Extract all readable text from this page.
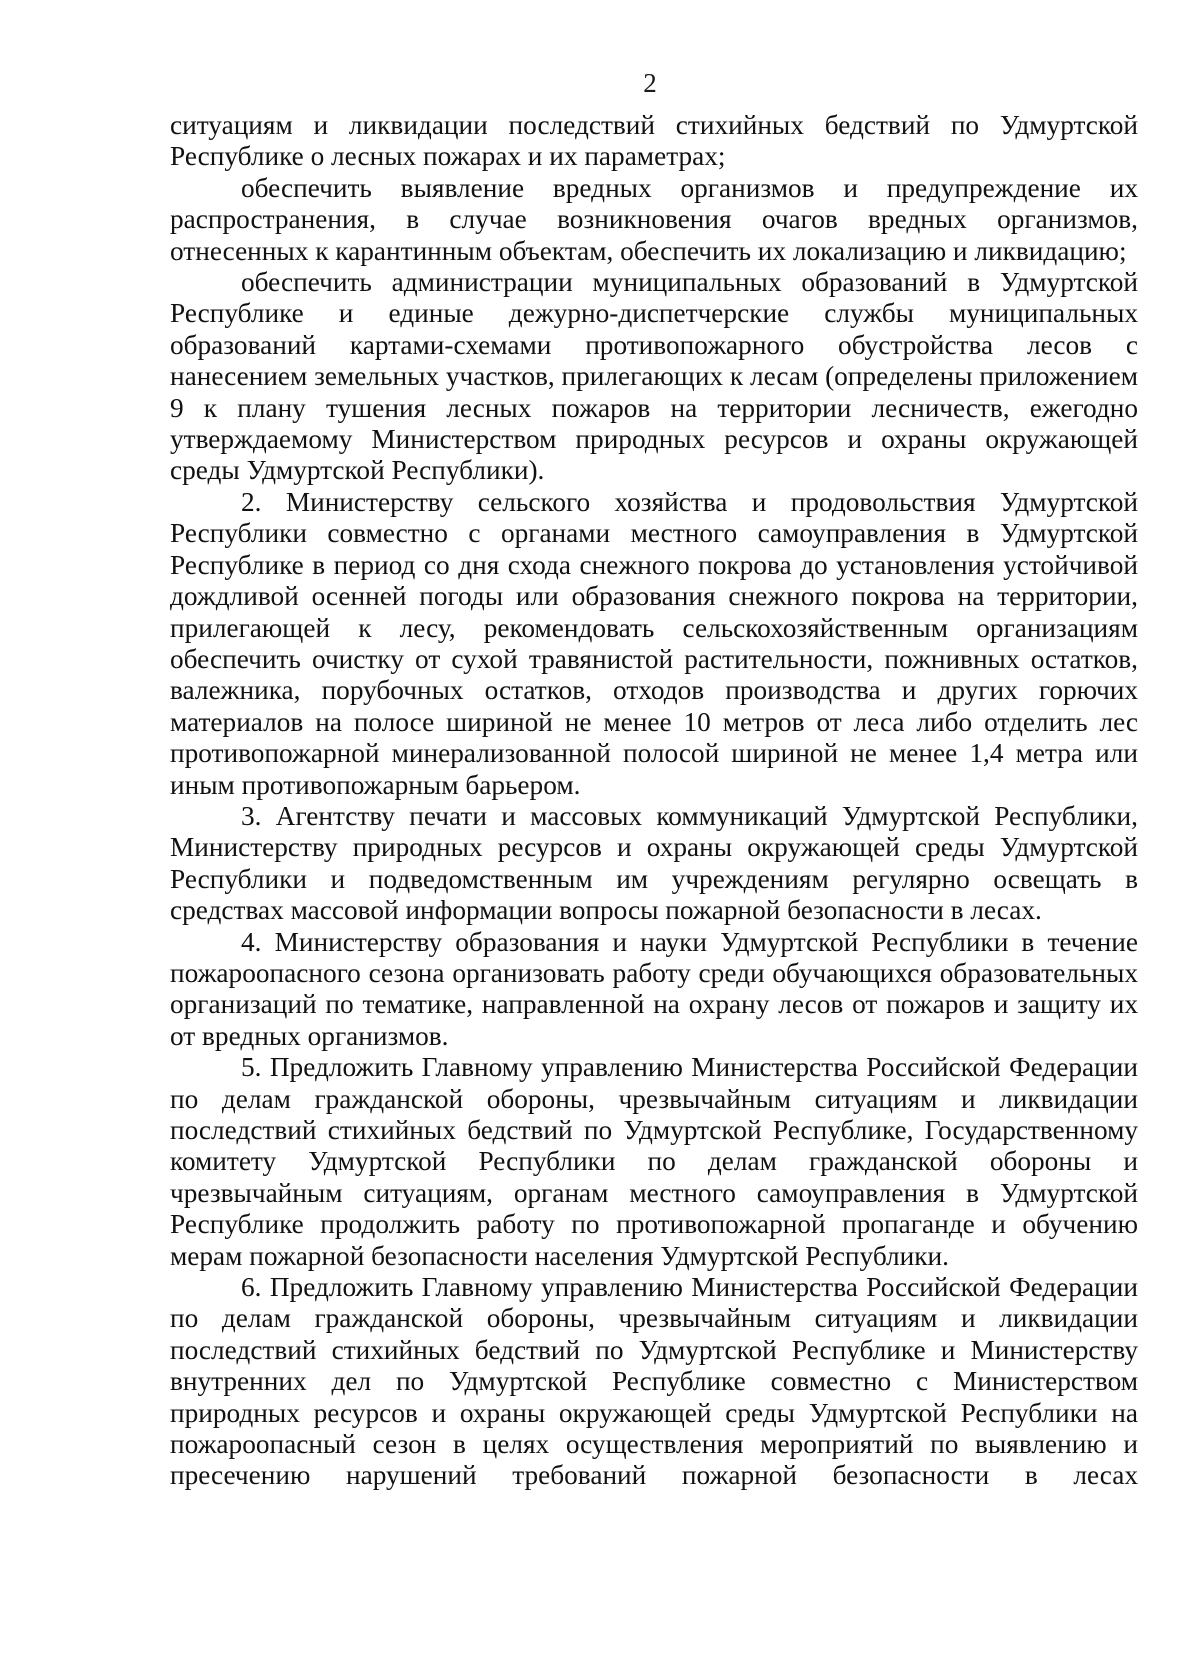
2

ситуациям и ликвидации последствий стихийных бедствий по Удмуртской Республике о лесных пожарах и их параметрах;

обеспечить выявление вредных организмов и предупреждение их распространения, в случае возникновения очагов вредных организмов, отнесенных к карантинным объектам, обеспечить их локализацию и ликвидацию;

обеспечить администрации муниципальных образований в Удмуртской Республике и единые дежурно-диспетчерские службы муниципальных образований картами-схемами противопожарного обустройства лесов с нанесением земельных участков, прилегающих к лесам (определены приложением 9 к плану тушения лесных пожаров на территории лесничеств, ежегодно утверждаемому Министерством природных ресурсов и охраны окружающей среды Удмуртской Республики).

2. Министерству сельского хозяйства и продовольствия Удмуртской Республики совместно с органами местного самоуправления в Удмуртской Республике в период со дня схода снежного покрова до установления устойчивой дождливой осенней погоды или образования снежного покрова на территории, прилегающей к лесу, рекомендовать сельскохозяйственным организациям обеспечить очистку от сухой травянистой растительности, пожнивных остатков, валежника, порубочных остатков, отходов производства и других горючих материалов на полосе шириной не менее 10 метров от леса либо отделить лес противопожарной минерализованной полосой шириной не менее 1,4 метра или иным противопожарным барьером.

3. Агентству печати и массовых коммуникаций Удмуртской Республики, Министерству природных ресурсов и охраны окружающей среды Удмуртской Республики и подведомственным им учреждениям регулярно освещать в средствах массовой информации вопросы пожарной безопасности в лесах.

4. Министерству образования и науки Удмуртской Республики в течение пожароопасного сезона организовать работу среди обучающихся образовательных организаций по тематике, направленной на охрану лесов от пожаров и защиту их от вредных организмов.

5. Предложить Главному управлению Министерства Российской Федерации по делам гражданской обороны, чрезвычайным ситуациям и ликвидации последствий стихийных бедствий по Удмуртской Республике, Государственному комитету Удмуртской Республики по делам гражданской обороны и чрезвычайным ситуациям, органам местного самоуправления в Удмуртской Республике продолжить работу по противопожарной пропаганде и обучению мерам пожарной безопасности населения Удмуртской Республики.

6. Предложить Главному управлению Министерства Российской Федерации по делам гражданской обороны, чрезвычайным ситуациям и ликвидации последствий стихийных бедствий по Удмуртской Республике и Министерству внутренних дел по Удмуртской Республике совместно с Министерством природных ресурсов и охраны окружающей среды Удмуртской Республики на пожароопасный сезон в целях осуществления мероприятий по выявлению и пресечению нарушений требований пожарной безопасности в лесах
